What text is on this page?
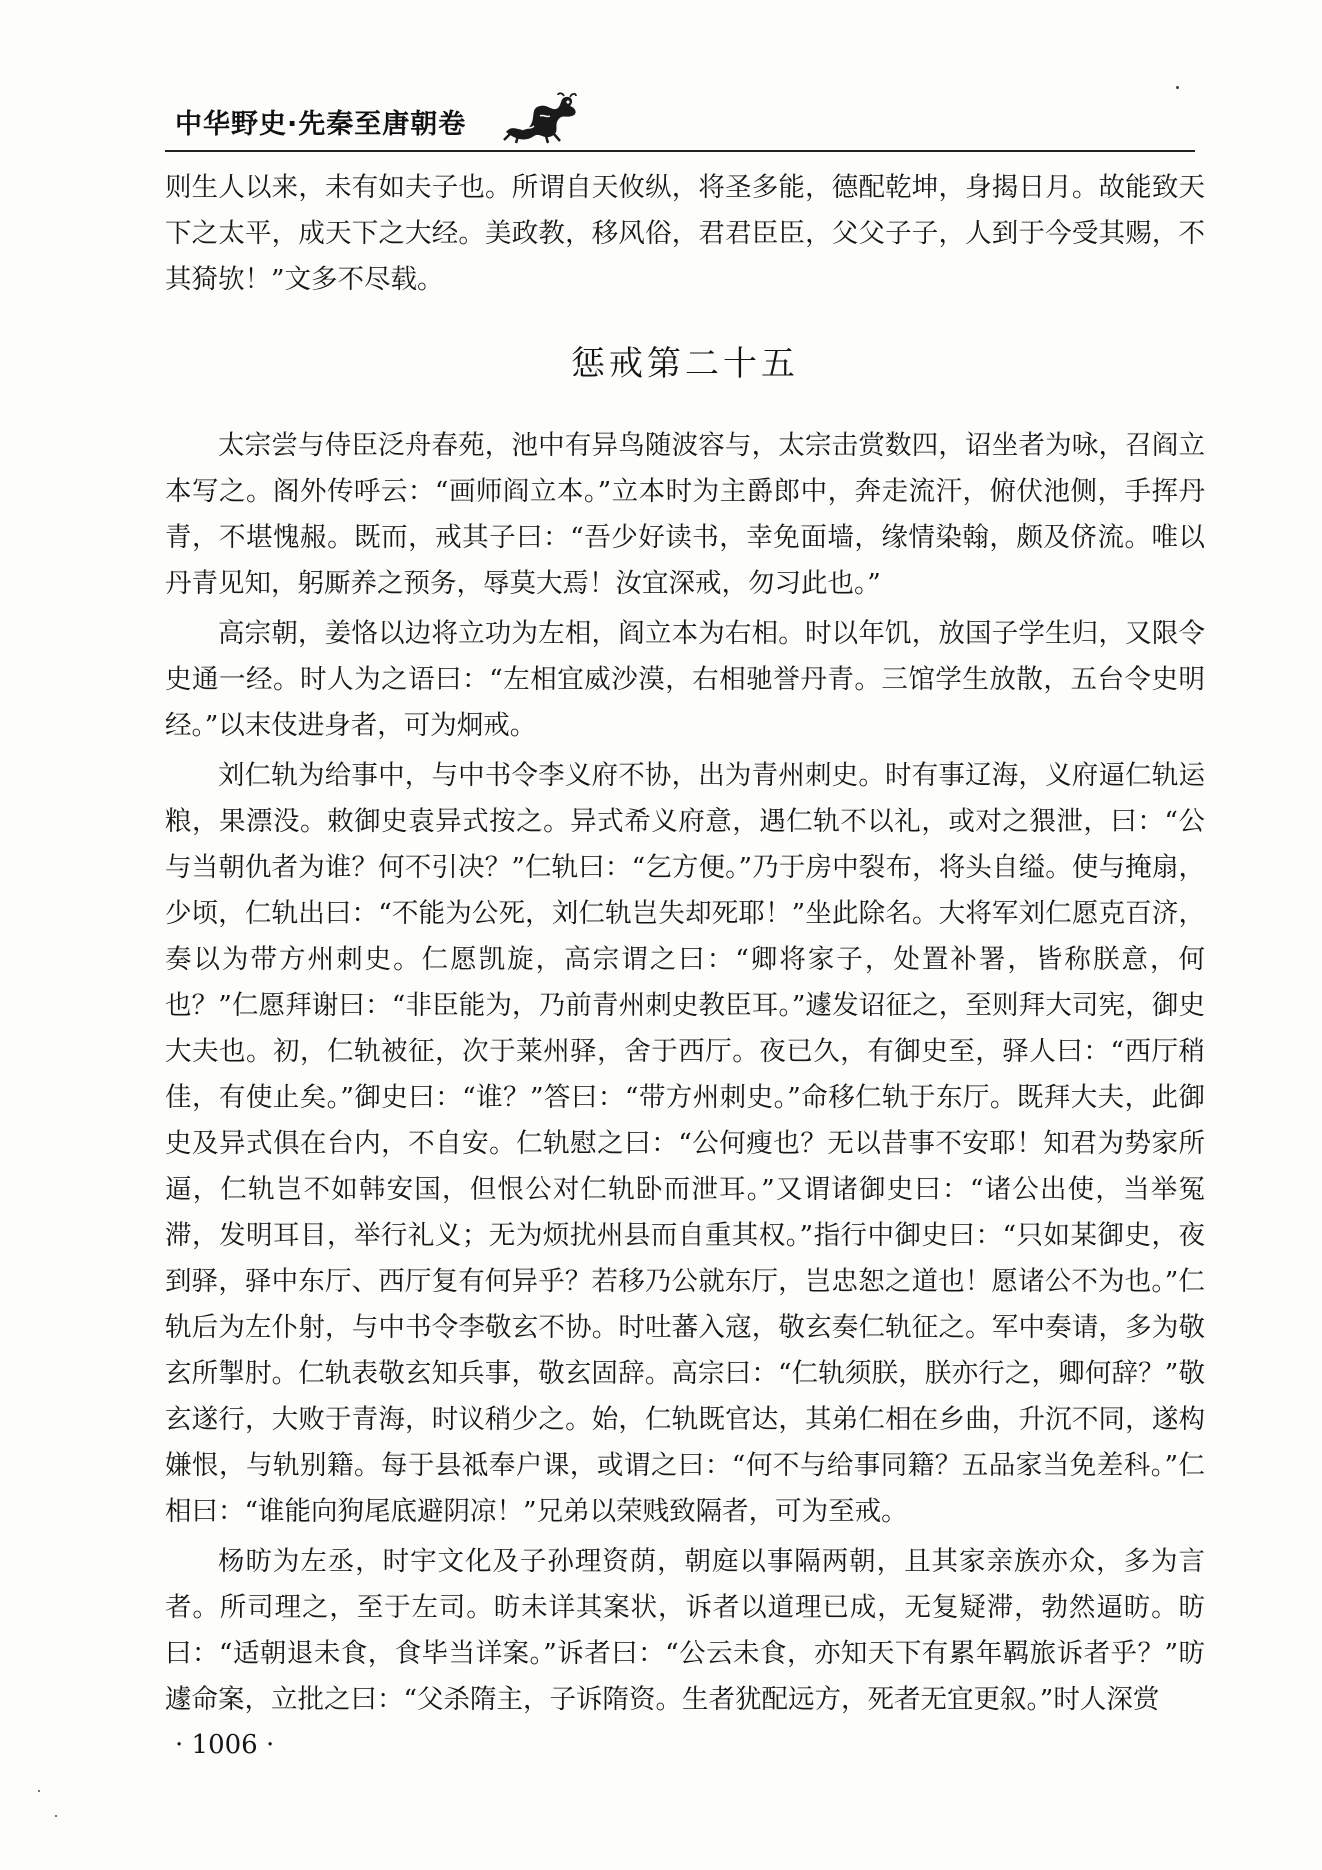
中华野史·先秦至唐朝卷

则生人以来，未有如夫子也。所谓自天攸纵，将圣多能，德配乾坤，身揭日月。故能致天下之太平，成天下之大经。美政教，移风俗，君君臣臣，父父子子，人到于今受其赐，不其猗欤！”文多不尽载。

惩戒第二十五

太宗尝与侍臣泛舟春苑，池中有异鸟随波容与，太宗击赏数四，诏坐者为咏，召阎立本写之。阁外传呼云：“画师阎立本。”立本时为主爵郎中，奔走流汗，俯伏池侧，手挥丹青，不堪愧赧。既而，戒其子曰：“吾少好读书，幸免面墙，缘情染翰，颇及侪流。唯以丹青见知，躬厮养之预务，辱莫大焉！汝宜深戒，勿习此也。”

高宗朝，姜恪以边将立功为左相，阎立本为右相。时以年饥，放国子学生归，又限令史通一经。时人为之语曰：“左相宜威沙漠，右相驰誉丹青。三馆学生放散，五台令史明经。”以末伎进身者，可为炯戒。

刘仁轨为给事中，与中书令李义府不协，出为青州刺史。时有事辽海，义府逼仁轨运粮，果漂没。敕御史袁异式按之。异式希义府意，遇仁轨不以礼，或对之猥泄，曰：“公与当朝仇者为谁？何不引决？”仁轨曰：“乞方便。”乃于房中裂布，将头自缢。使与掩扇，少顷，仁轨出曰：“不能为公死，刘仁轨岂失却死耶！”坐此除名。大将军刘仁愿克百济，奏以为带方州刺史。仁愿凯旋，高宗谓之曰：“卿将家子，处置补署，皆称朕意，何也？”仁愿拜谢曰：“非臣能为，乃前青州刺史教臣耳。”遽发诏征之，至则拜大司宪，御史大夫也。初，仁轨被征，次于莱州驿，舍于西厅。夜已久，有御史至，驿人曰：“西厅稍佳，有使止矣。”御史曰：“谁？”答曰：“带方州刺史。”命移仁轨于东厅。既拜大夫，此御史及异式俱在台内，不自安。仁轨慰之曰：“公何瘦也？无以昔事不安耶！知君为势家所逼，仁轨岂不如韩安国，但恨公对仁轨卧而泄耳。”又谓诸御史曰：“诸公出使，当举冤滞，发明耳目，举行礼义；无为烦扰州县而自重其权。”指行中御史曰：“只如某御史，夜到驿，驿中东厅、西厅复有何异乎？若移乃公就东厅，岂忠恕之道也！愿诸公不为也。”仁轨后为左仆射，与中书令李敬玄不协。时吐蕃入寇，敬玄奏仁轨征之。军中奏请，多为敬玄所掣肘。仁轨表敬玄知兵事，敬玄固辞。高宗曰：“仁轨须朕，朕亦行之，卿何辞？”敬玄遂行，大败于青海，时议稍少之。始，仁轨既官达，其弟仁相在乡曲，升沉不同，遂构嫌恨，与轨别籍。每于县祗奉户课，或谓之曰：“何不与给事同籍？五品家当免差科。”仁相曰：“谁能向狗尾底避阴凉！”兄弟以荣贱致隔者，可为至戒。

杨昉为左丞，时宇文化及子孙理资荫，朝庭以事隔两朝，且其家亲族亦众，多为言者。所司理之，至于左司。昉未详其案状，诉者以道理已成，无复疑滞，勃然逼昉。昉曰：“适朝退未食，食毕当详案。”诉者曰：“公云未食，亦知天下有累年羁旅诉者乎？”昉遽命案，立批之曰：“父杀隋主，子诉隋资。生者犹配远方，死者无宜更叙。”时人深赏

· 1006 ·
